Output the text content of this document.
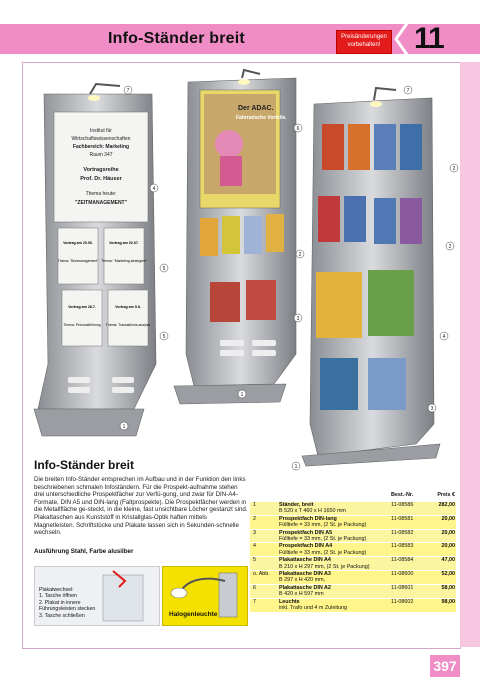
Info-Ständer breit	Preisänderungen vorbehalten!	11
Institut für
Wirtschaftswissenschaften
Fachbereich: Marketing
Raum 347
Vortragsreihe
Prof. Dr. Häuser
Thema heute:
"ZEITMANAGEMENT"
Vortrag am 20.06.
Thema: "Bonmanagement"
Vortrag am 02.07.
Thema: "Marketing-strategien"
Vortrag am 28.7.
Thema: Personalführung
Vortrag am 5.8.
Thema: Transaktions-analyse
Der ADAC.
Fahrradsche Vorteile.
7
4
5
5
1
6
2
3
1
7
2
2
4
3
1
Info-Ständer breit
Die breiten Info-Ständer entsprechen im Aufbau und in der Funktion den links beschriebenen schmalen Infoständern. Für die Prospekt-aufnahme stehen drei unterschiedliche Prospektfächer zur Verfü-gung, und zwar für DIN-A4-Formate, DIN A5 und DIN-lang (Faltprospekte). Die Prospektfächer werden in die Metallfläche ge-steckt, in die kleine, fast unsichtbare Löcher gestanzt sind. Plakattaschen aus Kunststoff in Kristallglas-Optik haften mittels Magnetleisten. Schriftstücke und Plakate lassen sich in Sekunden-schnelle wechseln.
Ausführung Stahl, Farbe alusilber
Plakatwechsel:
1. Tasche öffnen
2. Plakat in innere
Führungsleisten stecken
3. Tasche schließen	Halogenleuchte
Best.-Nr.	Preis €
1	Ständer, breit
B 520 x T 460 x H 1650 mm
11-08586	282,00
2	Prospektfach DIN-lang
Fülltiefe = 33 mm, (2 St. je Packung)
11-08581	20,00
3	Prospektfach DIN A5
Fülltiefe = 33 mm, (2 St. je Packung)
11-08582	20,00
4	Prospektfach DIN A4
Fülltiefe = 33 mm, (2 St. je Packung)
11-08583	20,00
5	Plakattasche DIN A4
B 210 x H 297 mm, (2 St. je Packung)
11-08584	47,00
o. Abb.	Plakattasche DIN A3
B 297 x H 420 mm,
11-08600	52,00
6	Plakattasche DIN A2
B 420 x H 597 mm
11-08601	58,00
7	Leuchte
inkl. Trafo und 4 m Zuleitung
11-08602	98,00
397
